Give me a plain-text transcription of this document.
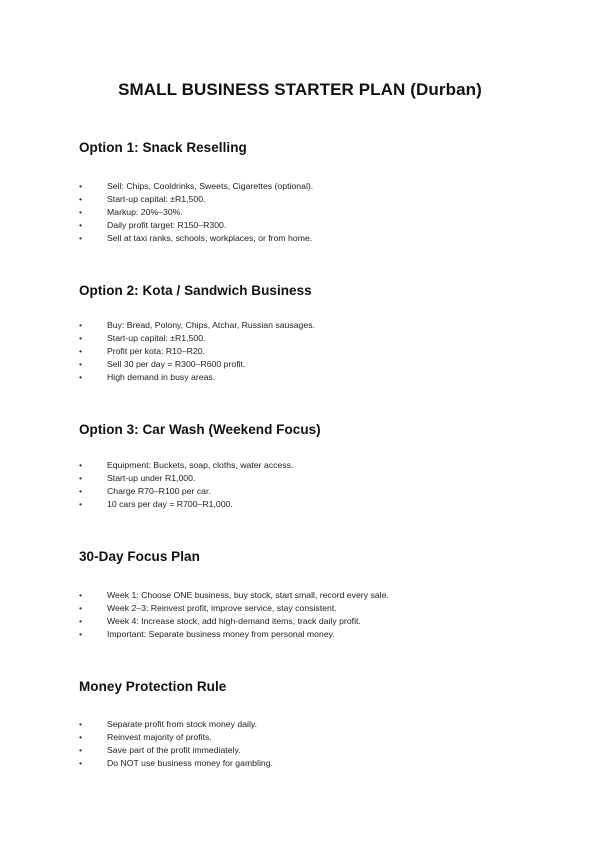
SMALL BUSINESS STARTER PLAN (Durban)
Option 1: Snack Reselling
•	Sell: Chips, Cooldrinks, Sweets, Cigarettes (optional).
•	Start-up capital: ±R1,500.
•	Markup: 20%–30%.
•	Daily profit target: R150–R300.
•	Sell at taxi ranks, schools, workplaces, or from home.
Option 2: Kota / Sandwich Business
•	Buy: Bread, Polony, Chips, Atchar, Russian sausages.
•	Start-up capital: ±R1,500.
•	Profit per kota: R10–R20.
•	Sell 30 per day = R300–R600 profit.
•	High demand in busy areas.
Option 3: Car Wash (Weekend Focus)
•	Equipment: Buckets, soap, cloths, water access.
•	Start-up under R1,000.
•	Charge R70–R100 per car.
•	10 cars per day = R700–R1,000.
30-Day Focus Plan
•	Week 1: Choose ONE business, buy stock, start small, record every sale.
•	Week 2–3: Reinvest profit, improve service, stay consistent.
•	Week 4: Increase stock, add high-demand items, track daily profit.
•	Important: Separate business money from personal money.
Money Protection Rule
•	Separate profit from stock money daily.
•	Reinvest majority of profits.
•	Save part of the profit immediately.
•	Do NOT use business money for gambling.
